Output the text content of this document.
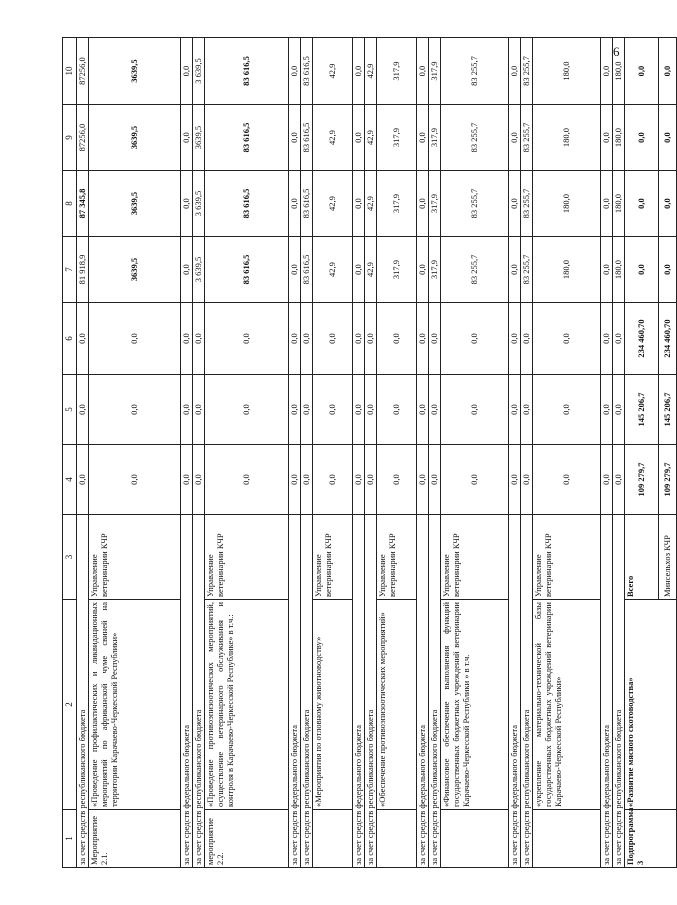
6
1	2	3	4	5	6	7	8	9	10
за счет средств республиканского бюджета			0,0	0,0	0,0	81 918,9	87 345,8	87256,0	87256,0
Мероприятие 2.1.	«Проведение профилактических и ликвидационных мероприятий по африканской чуме свиней на территории Карачаево-Черкесской Республики»	Управление ветеринарии КЧР	0,0	0,0	0,0	3639,5	3639,5	3639,5	3639,5
за счет средств федерального бюджета			0,0	0,0	0,0	0,0	0,0	0,0	0,0
за счет средств республиканского бюджета			0,0	0,0	0,0	3 639,5	3 639,5	3639,5	3 639,5
мероприятие 2.2.	«Проведение противоэпизоотических мероприятий, осуществление ветеринарного обслуживания и контроля в Карачаево-Черкесской Республике» в т.ч.:	Управление ветеринарии КЧР	0,0	0,0	0,0	83 616,5	83 616,5	83 616,5	83 616,5
за счет средств федерального бюджета			0,0	0,0	0,0	0,0	0,0	0,0	0,0
за счет средств республиканского бюджета			0,0	0,0	0,0	83 616,5	83 616,5	83 616,5	83 616,5
	«Мероприятия по отловному животноводству»	Управление ветеринарии КЧР	0,0	0,0	0,0	42,9	42,9	42,9	42,9
за счет средств федерального бюджета			0,0	0,0	0,0	0,0	0,0	0,0	0,0
за счет средств республиканского бюджета			0,0	0,0	0,0	42,9	42,9	42,9	42,9
	«Обеспечение противоэпизоотических мероприятий»	Управление ветеринарии КЧР	0,0	0,0	0,0	317,9	317,9	317,9	317,9
за счет средств федерального бюджета			0,0	0,0	0,0	0,0	0,0	0,0	0,0
за счет средств республиканского бюджета			0,0	0,0	0,0	317,9	317,9	317,9	317,9
	«Финансовое обеспечение выполнения функций государственных бюджетных учреждений ветеринарии Карачаево-Черкесской Республики » в т.ч.	Управление ветеринарии КЧР	0,0	0,0	0,0	83 255,7	83 255,7	83 255,7	83 255,7
за счет средств федерального бюджета			0,0	0,0	0,0	0,0	0,0	0,0	0,0
за счет средств республиканского бюджета			0,0	0,0	0,0	83 255,7	83 255,7	83 255,7	83 255,7
	«укрепление материально-технической базы государственных бюджетных учреждений ветеринарии Карачаево-Черкесской Республики»	Управление ветеринарии КЧР	0,0	0,0	0,0	180,0	180,0	180,0	180,0
за счет средств федерального бюджета			0,0	0,0	0,0	0,0	0,0	0,0	0,0
за счет средств республиканского бюджета			0,0	0,0	0,0	180,0	180,0	180,0	180,0
Подпрограмма 3	«Развитие мясного скотоводства»	Всего	109 279,7	145 206,7	234 460,70	0,0	0,0	0,0	0,0
		Минсельхоз КЧР	109 279,7	145 206,7	234 460,70	0,0	0,0	0,0	0,0
